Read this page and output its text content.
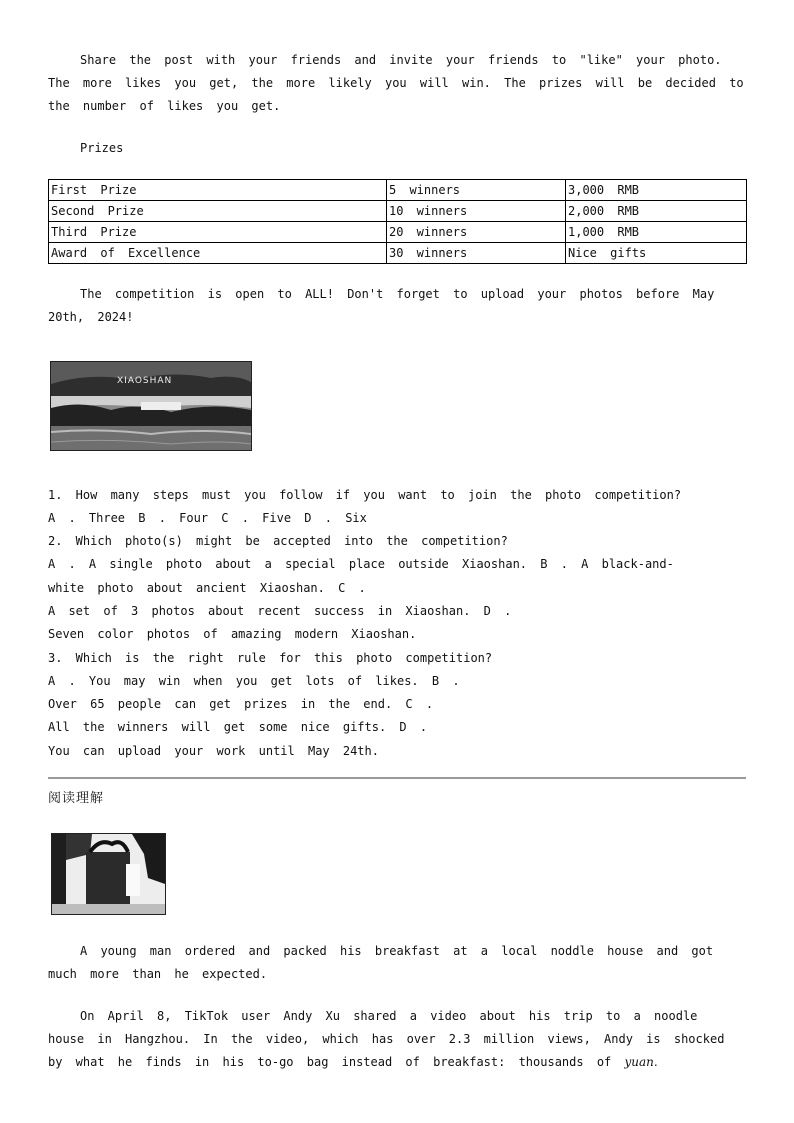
Share the post with your friends and invite your friends to "like" your photo. The more likes you get, the more likely you will win. The prizes will be decided to the number of likes you get.

Prizes
First Prize	5 winners	3,000 RMB
Second Prize	10 winners	2,000 RMB
Third Prize	20 winners	1,000 RMB
Award of Excellence	30 winners	Nice gifts

The competition is open to ALL! Don't forget to upload your photos before May 20th, 2024!

XIAOSHAN
1. How many steps must you follow if you want to join the photo competition?
A . Three B . Four C . Five D . Six
2. Which photo(s) might be accepted into the competition?
A . A single photo about a special place outside Xiaoshan. B . A black-and-
white photo about ancient Xiaoshan. C .
A set of 3 photos about recent success in Xiaoshan. D .
Seven color photos of amazing modern Xiaoshan.
3. Which is the right rule for this photo competition?
A . You may win when you get lots of likes. B .
Over 65 people can get prizes in the end. C .
All the winners will get some nice gifts. D .
You can upload your work until May 24th.
阅读理解

A young man ordered and packed his breakfast at a local noddle house and got much more than he expected.

On April 8, TikTok user Andy Xu shared a video about his trip to a noodle house in Hangzhou. In the video, which has over 2.3 million views, Andy is shocked by what he finds in his to-go bag instead of breakfast: thousands of yuan.
